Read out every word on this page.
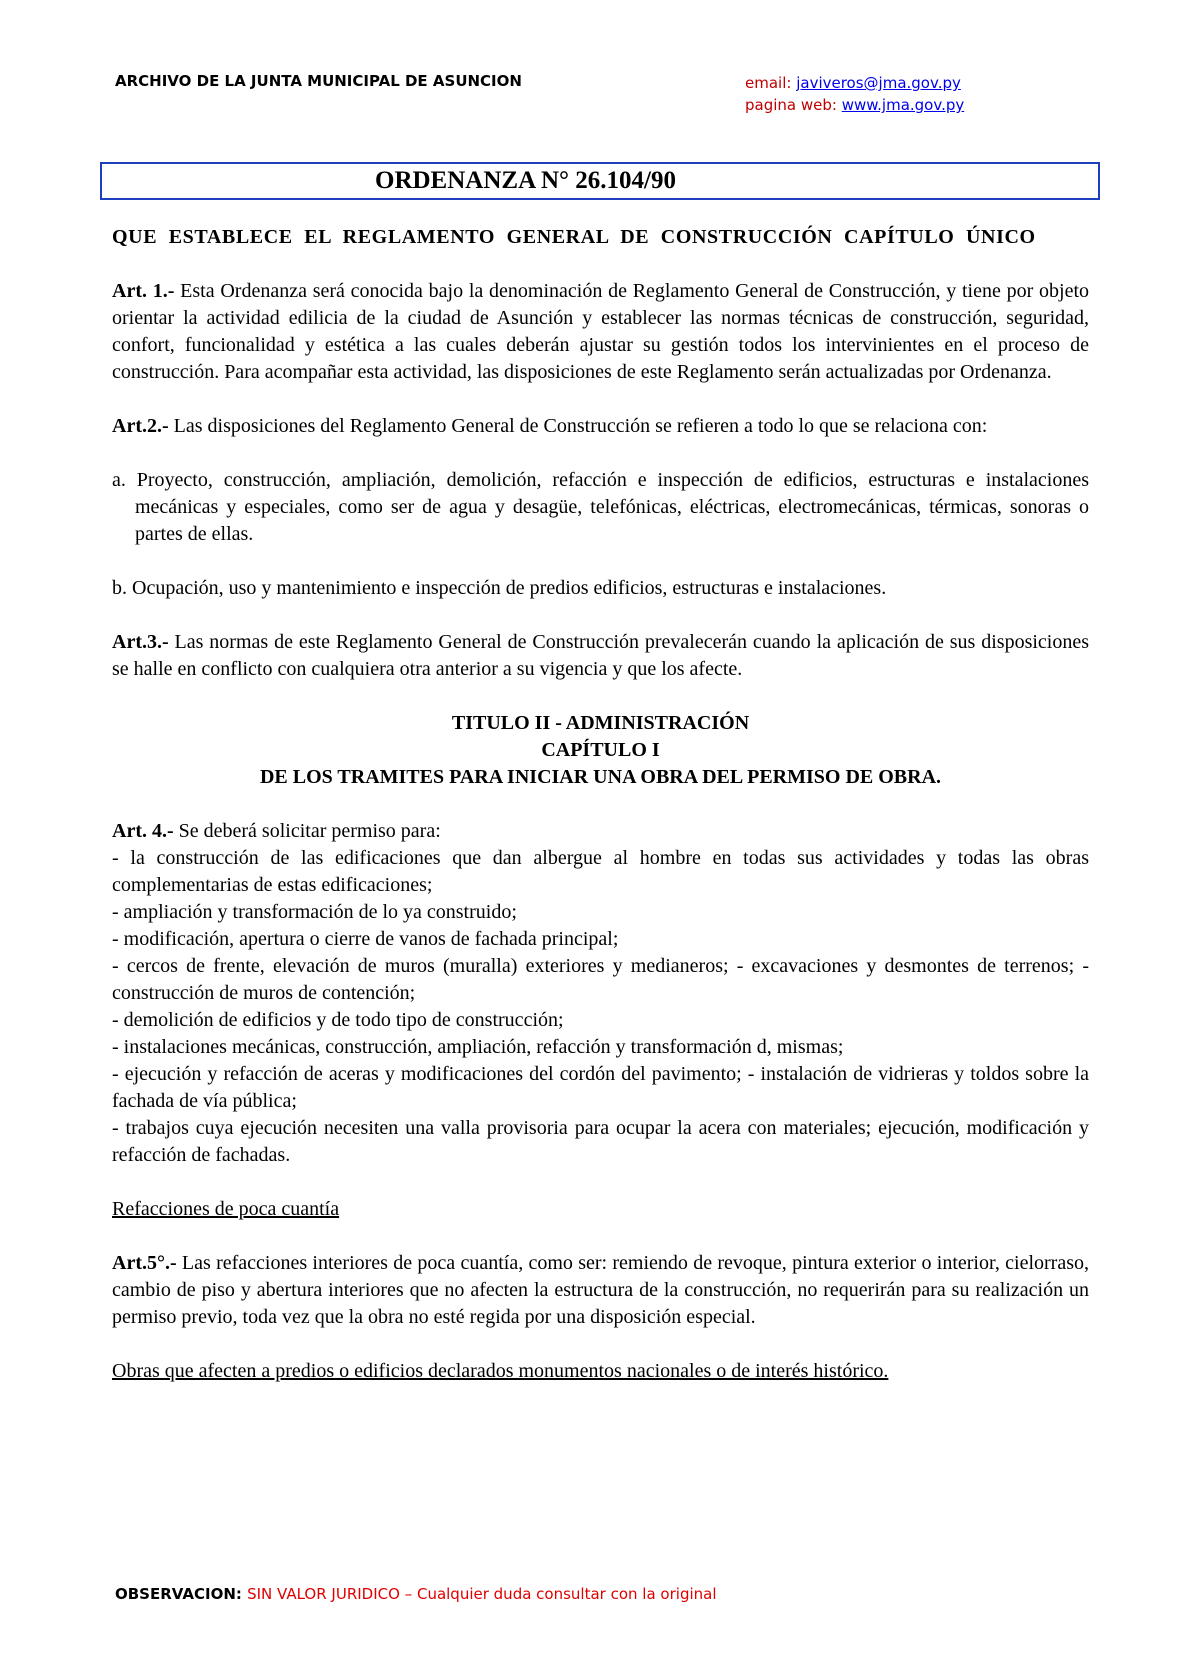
ARCHIVO DE LA JUNTA MUNICIPAL DE ASUNCION	email: javiveros@jma.gov.py
pagina web: www.jma.gov.py
ORDENANZA N° 26.104/90

QUE ESTABLECE EL REGLAMENTO GENERAL DE CONSTRUCCIÓN CAPÍTULO ÚNICO

Art. 1.- Esta Ordenanza será conocida bajo la denominación de Reglamento General de Construcción, y tiene por objeto orientar la actividad edilicia de la ciudad de Asunción y establecer las normas técnicas de construcción, seguridad, confort, funcionalidad y estética a las cuales deberán ajustar su gestión todos los intervinientes en el proceso de construcción. Para acompañar esta actividad, las disposiciones de este Reglamento serán actualizadas por Ordenanza.

Art.2.- Las disposiciones del Reglamento General de Construcción se refieren a todo lo que se relaciona con:

a. Proyecto, construcción, ampliación, demolición, refacción e inspección de edificios, estructuras e instalaciones mecánicas y especiales, como ser de agua y desagüe, telefónicas, eléctricas, electromecánicas, térmicas, sonoras o partes de ellas.

b. Ocupación, uso y mantenimiento e inspección de predios edificios, estructuras e instalaciones.

Art.3.- Las normas de este Reglamento General de Construcción prevalecerán cuando la aplicación de sus disposiciones se halle en conflicto con cualquiera otra anterior a su vigencia y que los afecte.

TITULO II - ADMINISTRACIÓN

CAPÍTULO I

DE LOS TRAMITES PARA INICIAR UNA OBRA DEL PERMISO DE OBRA.

Art. 4.- Se deberá solicitar permiso para:

- la construcción de las edificaciones que dan albergue al hombre en todas sus actividades y todas las obras complementarias de estas edificaciones;

- ampliación y transformación de lo ya construido;

- modificación, apertura o cierre de vanos de fachada principal;

- cercos de frente, elevación de muros (muralla) exteriores y medianeros; - excavaciones y desmontes de terrenos; - construcción de muros de contención;

- demolición de edificios y de todo tipo de construcción;

- instalaciones mecánicas, construcción, ampliación, refacción y transformación d, mismas;

- ejecución y refacción de aceras y modificaciones del cordón del pavimento; - instalación de vidrieras y toldos sobre la fachada de vía pública;

- trabajos cuya ejecución necesiten una valla provisoria para ocupar la acera con materiales; ejecución, modificación y refacción de fachadas.

Refacciones de poca cuantía

Art.5°.- Las refacciones interiores de poca cuantía, como ser: remiendo de revoque, pintura exterior o interior, cielorraso, cambio de piso y abertura interiores que no afecten la estructura de la construcción, no requerirán para su realización un permiso previo, toda vez que la obra no esté regida por una disposición especial.

Obras que afecten a predios o edificios declarados monumentos nacionales o de interés histórico.

OBSERVACION: SIN VALOR JURIDICO – Cualquier duda consultar con la original
